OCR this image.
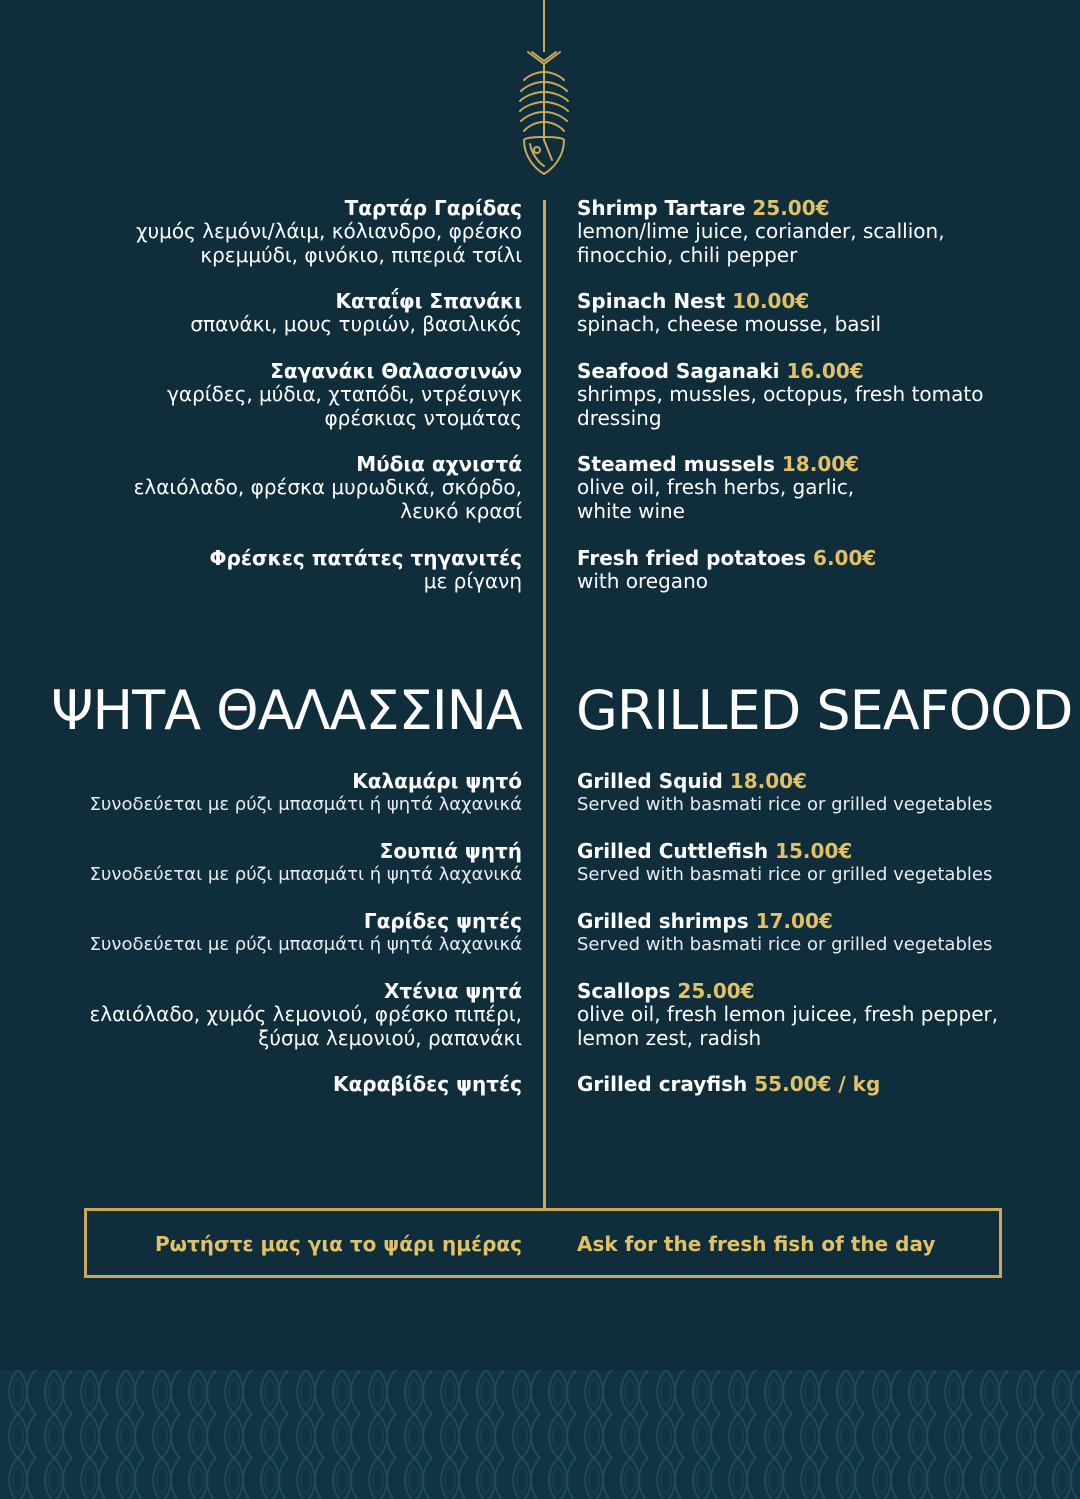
Ταρτάρ Γαρίδας
χυμός λεμόνι/λάιμ, κόλιανδρο, φρέσκο κρεμμύδι, φινόκιο, πιπεριά τσίλι
Καταΐφι Σπανάκι
σπανάκι, μους τυριών, βασιλικός
Σαγανάκι Θαλασσινών
γαρίδες, μύδια, χταπόδι, ντρέσινγκ φρέσκιας ντομάτας
Μύδια αχνιστά
ελαιόλαδο, φρέσκα μυρωδικά, σκόρδο, λευκό κρασί
Φρέσκες πατάτες τηγανιτές
με ρίγανη
Shrimp Tartare 25.00€
lemon/lime juice, coriander, scallion, finocchio, chili pepper
Spinach Nest 10.00€
spinach, cheese mousse, basil
Seafood Saganaki 16.00€
shrimps, mussles, octopus, fresh tomato dressing
Steamed mussels 18.00€
olive oil, fresh herbs, garlic, white wine
Fresh fried potatoes 6.00€
with oregano
ΨΗΤΑ ΘΑΛΑΣΣΙΝΑ GRILLED SEAFOOD
Καλαμάρι ψητό
Συνοδεύεται με ρύζι μπασμάτι ή ψητά λαχανικά
Σουπιά ψητή
Συνοδεύεται με ρύζι μπασμάτι ή ψητά λαχανικά
Γαρίδες ψητές
Συνοδεύεται με ρύζι μπασμάτι ή ψητά λαχανικά
Χτένια ψητά
ελαιόλαδο, χυμός λεμονιού, φρέσκο πιπέρι, ξύσμα λεμονιού, ραπανάκι
Καραβίδες ψητές
Grilled Squid 18.00€
Served with basmati rice or grilled vegetables
Grilled Cuttlefish 15.00€
Served with basmati rice or grilled vegetables
Grilled shrimps 17.00€
Served with basmati rice or grilled vegetables
Scallops 25.00€
olive oil, fresh lemon juicee, fresh pepper, lemon zest, radish
Grilled crayfish 55.00€ / kg
Ρωτήστε μας για το ψάρι ημέρας	Ask for the fresh fish of the day
